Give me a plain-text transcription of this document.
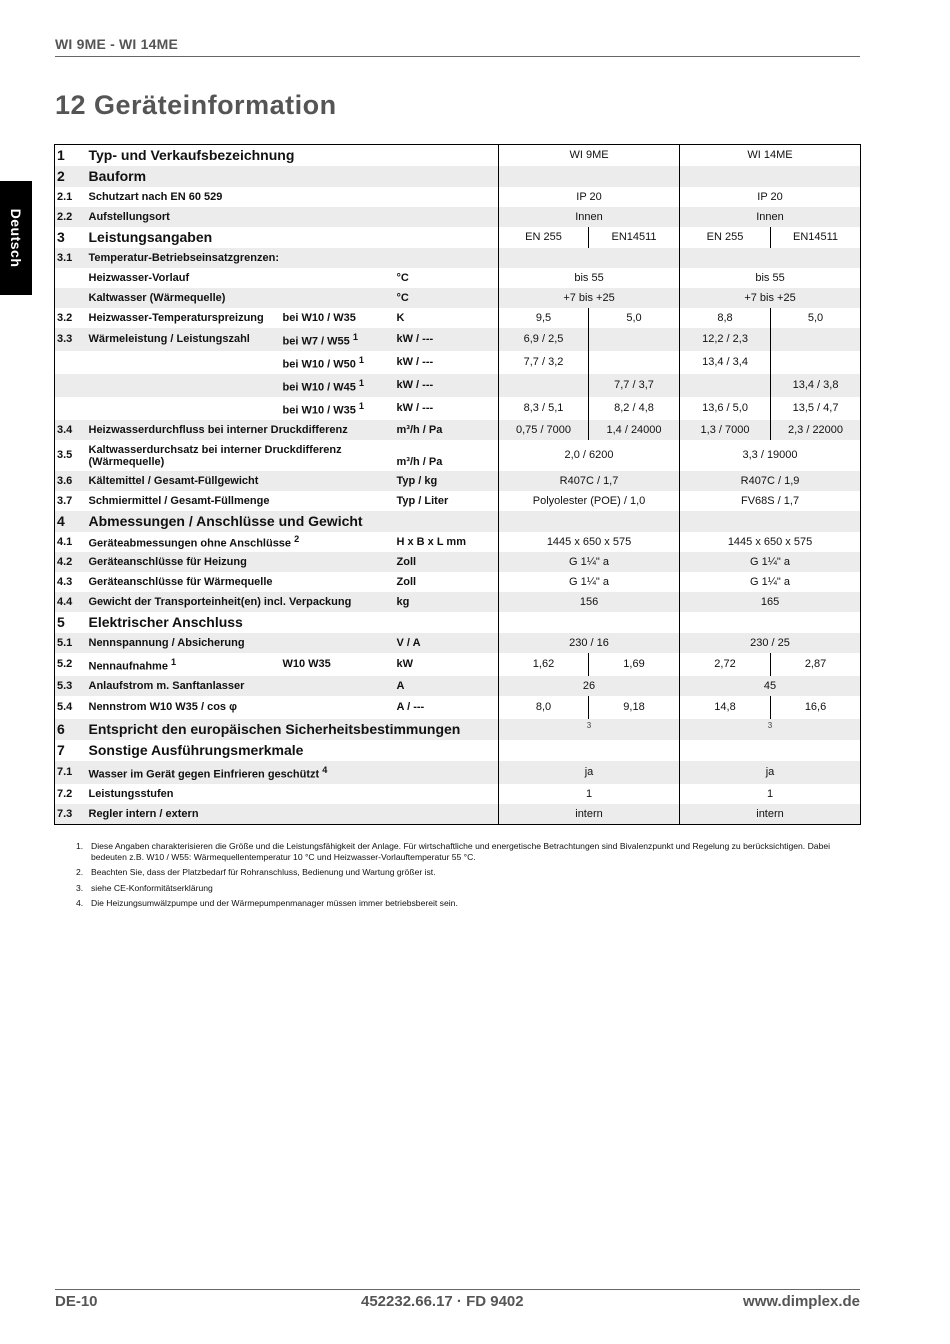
WI 9ME - WI 14ME
12 Geräteinformation
Deutsch
1	Typ- und Verkaufsbezeichnung			WI 9ME		WI 14ME	
2	Bauform						
2.1	Schutzart nach EN 60 529			IP 20		IP 20	
2.2	Aufstellungsort			Innen		Innen	
3	Leistungsangaben			EN 255	EN14511	EN 255	EN14511
3.1	Temperatur-Betriebseinsatzgrenzen:						
	Heizwasser-Vorlauf		°C	bis 55		bis 55	
	Kaltwasser (Wärmequelle)		°C	+7 bis +25		+7 bis +25	
3.2	Heizwasser-Temperaturspreizung	bei W10 / W35	K	9,5	5,0	8,8	5,0
3.3	Wärmeleistung / Leistungszahl	bei W7 / W55 $^1$	kW / ---	6,9 / 2,5		12,2 / 2,3	
		bei W10 / W50 $^1$	kW / ---	7,7 / 3,2		13,4 / 3,4	
		bei W10 / W45 $^1$	kW / ---		7,7 / 3,7		13,4 / 3,8
		bei W10 / W35 $^1$	kW / ---	8,3 / 5,1	8,2 / 4,8	13,6 / 5,0	13,5 / 4,7
3.4	Heizwasserdurchfluss bei interner Druckdifferenz		m³/h / Pa	0,75 / 7000	1,4 / 24000	1,3 / 7000	2,3 / 22000
3.5	Kaltwasserdurchsatz bei interner Druckdifferenz (Wärmequelle)		m³/h / Pa	2,0 / 6200		3,3 / 19000	
3.6	Kältemittel / Gesamt-Füllgewicht		Typ / kg	R407C / 1,7		R407C / 1,9	
3.7	Schmiermittel / Gesamt-Füllmenge		Typ / Liter	Polyolester (POE) / 1,0		FV68S / 1,7	
4	Abmessungen / Anschlüsse und Gewicht						
4.1	Geräteabmessungen ohne Anschlüsse $^2$		H x B x L mm	1445 x 650 x 575		1445 x 650 x 575	
4.2	Geräteanschlüsse für Heizung		Zoll	G 1¼" a		G 1¼" a	
4.3	Geräteanschlüsse für Wärmequelle		Zoll	G 1¼" a		G 1¼" a	
4.4	Gewicht der Transporteinheit(en) incl. Verpackung		kg	156		165	
5	Elektrischer Anschluss						
5.1	Nennspannung / Absicherung		V / A	230 / 16		230 / 25	
5.2	Nennaufnahme $^1$	W10 W35	kW	1,62	1,69	2,72	2,87
5.3	Anlaufstrom m. Sanftanlasser		A	26		45	
5.4	Nennstrom W10 W35 / cos φ		A / ---	8,0	9,18	14,8	16,6
6	Entspricht den europäischen Sicherheitsbestimmungen			3		3	
7	Sonstige Ausführungsmerkmale						
7.1	Wasser im Gerät gegen Einfrieren geschützt $^4$			ja		ja	
7.2	Leistungsstufen			1		1	
7.3	Regler intern / extern			intern		intern	
1. Diese Angaben charakterisieren die Größe und die Leistungsfähigkeit der Anlage. Für wirtschaftliche und energetische Betrachtungen sind Bivalenzpunkt und Regelung zu berücksichtigen. Dabei bedeuten z.B. W10 / W55: Wärmequellentemperatur 10 °C und Heizwasser-Vorlauftemperatur 55 °C.
2. Beachten Sie, dass der Platzbedarf für Rohranschluss, Bedienung und Wartung größer ist.
3. siehe CE-Konformitätserklärung
4. Die Heizungsumwälzpumpe und der Wärmepumpenmanager müssen immer betriebsbereit sein.
DE-10	452232.66.17 · FD 9402	www.dimplex.de
